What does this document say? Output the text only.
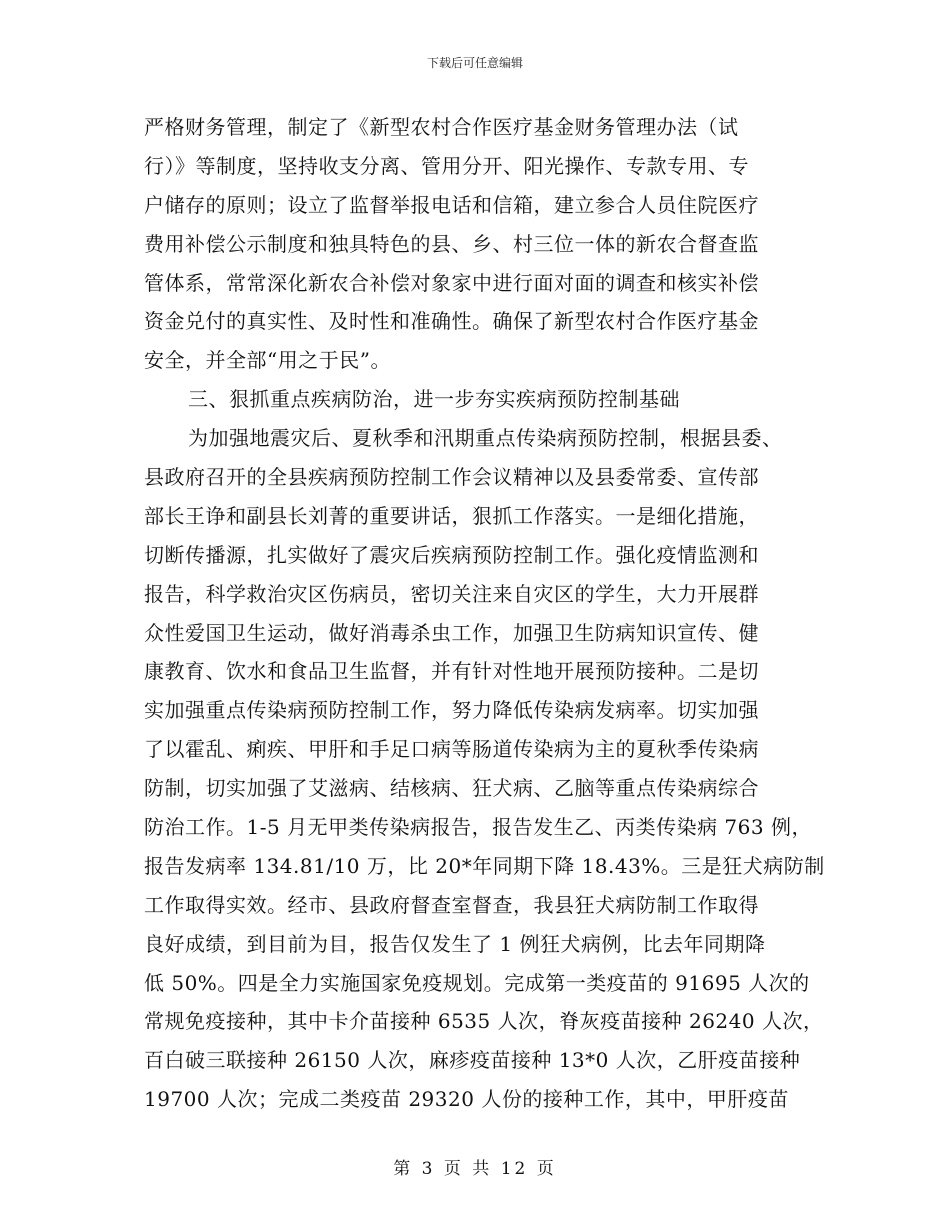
下载后可任意编辑
严格财务管理，制定了《新型农村合作医疗基金财务管理办法（试
行）》等制度，坚持收支分离、管用分开、阳光操作、专款专用、专
户储存的原则；设立了监督举报电话和信箱，建立参合人员住院医疗
费用补偿公示制度和独具特色的县、乡、村三位一体的新农合督查监
管体系，常常深化新农合补偿对象家中进行面对面的调查和核实补偿
资金兑付的真实性、及时性和准确性。确保了新型农村合作医疗基金
安全，并全部“用之于民”。
三、狠抓重点疾病防治，进一步夯实疾病预防控制基础
为加强地震灾后、夏秋季和汛期重点传染病预防控制，根据县委、
县政府召开的全县疾病预防控制工作会议精神以及县委常委、宣传部
部长王诤和副县长刘菁的重要讲话，狠抓工作落实。一是细化措施，
切断传播源，扎实做好了震灾后疾病预防控制工作。强化疫情监测和
报告，科学救治灾区伤病员，密切关注来自灾区的学生，大力开展群
众性爱国卫生运动，做好消毒杀虫工作，加强卫生防病知识宣传、健
康教育、饮水和食品卫生监督，并有针对性地开展预防接种。二是切
实加强重点传染病预防控制工作，努力降低传染病发病率。切实加强
了以霍乱、痢疾、甲肝和手足口病等肠道传染病为主的夏秋季传染病
防制，切实加强了艾滋病、结核病、狂犬病、乙脑等重点传染病综合
防治工作。1-5 月无甲类传染病报告，报告发生乙、丙类传染病 763 例，
报告发病率 134.81/10 万，比 20*年同期下降 18.43%。三是狂犬病防制
工作取得实效。经市、县政府督查室督查，我县狂犬病防制工作取得
良好成绩，到目前为目，报告仅发生了 1 例狂犬病例，比去年同期降
低 50%。四是全力实施国家免疫规划。完成第一类疫苗的 91695 人次的
常规免疫接种，其中卡介苗接种 6535 人次，脊灰疫苗接种 26240 人次，
百白破三联接种 26150 人次，麻疹疫苗接种 13*0 人次，乙肝疫苗接种
19700 人次；完成二类疫苗 29320 人份的接种工作，其中，甲肝疫苗
第 3 页 共 12 页
